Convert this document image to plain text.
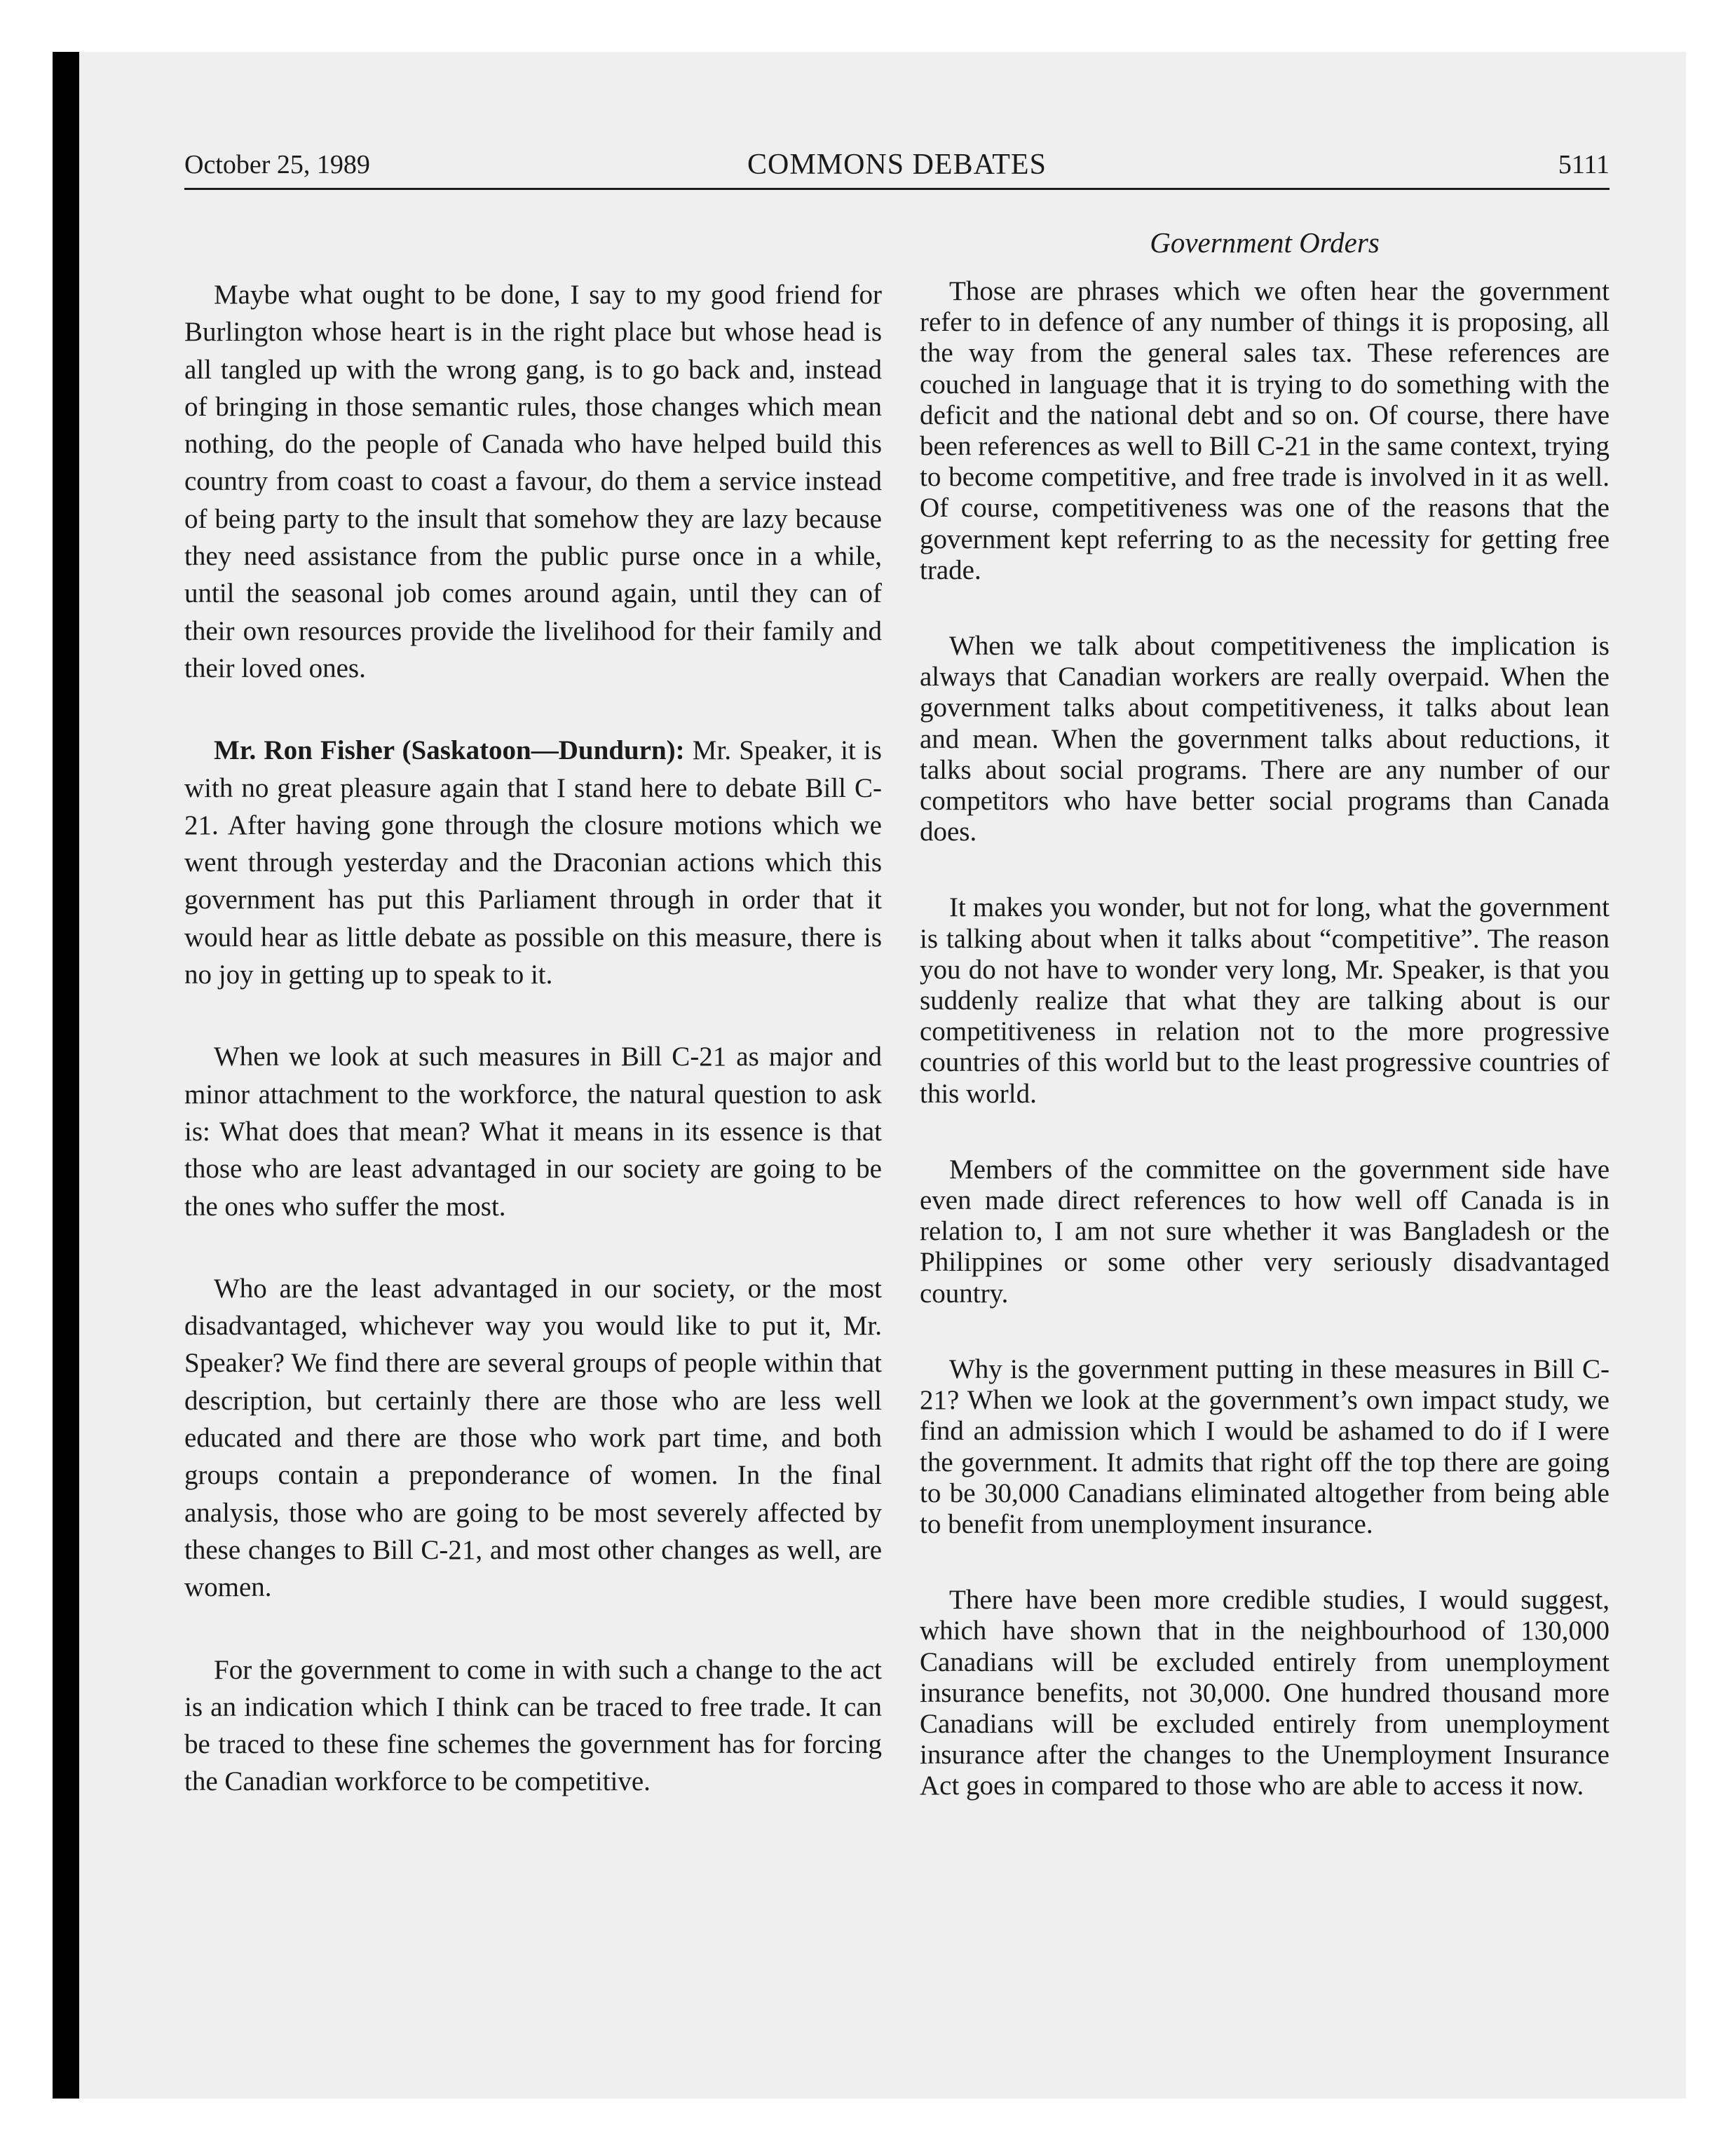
October 25, 1989	COMMONS DEBATES	5111
Government Orders

Maybe what ought to be done, I say to my good friend for Burlington whose heart is in the right place but whose head is all tangled up with the wrong gang, is to go back and, instead of bringing in those semantic rules, those changes which mean nothing, do the people of Canada who have helped build this country from coast to coast a favour, do them a service instead of being party to the insult that somehow they are lazy because they need assistance from the public purse once in a while, until the seasonal job comes around again, until they can of their own resources provide the livelihood for their family and their loved ones.

Mr. Ron Fisher (Saskatoon—Dundurn): Mr. Speaker, it is with no great pleasure again that I stand here to debate Bill C-21. After having gone through the closure motions which we went through yesterday and the Draconian actions which this government has put this Parliament through in order that it would hear as little debate as possible on this measure, there is no joy in getting up to speak to it.

When we look at such measures in Bill C-21 as major and minor attachment to the workforce, the natural question to ask is: What does that mean? What it means in its essence is that those who are least advantaged in our society are going to be the ones who suffer the most.

Who are the least advantaged in our society, or the most disadvantaged, whichever way you would like to put it, Mr. Speaker? We find there are several groups of people within that description, but certainly there are those who are less well educated and there are those who work part time, and both groups contain a preponderance of women. In the final analysis, those who are going to be most severely affected by these changes to Bill C-21, and most other changes as well, are women.

For the government to come in with such a change to the act is an indication which I think can be traced to free trade. It can be traced to these fine schemes the government has for forcing the Canadian workforce to be competitive.

Those are phrases which we often hear the government refer to in defence of any number of things it is proposing, all the way from the general sales tax. These references are couched in language that it is trying to do something with the deficit and the national debt and so on. Of course, there have been references as well to Bill C-21 in the same context, trying to become competitive, and free trade is involved in it as well. Of course, competitiveness was one of the reasons that the government kept referring to as the necessity for getting free trade.

When we talk about competitiveness the implication is always that Canadian workers are really overpaid. When the government talks about competitiveness, it talks about lean and mean. When the government talks about reductions, it talks about social programs. There are any number of our competitors who have better social programs than Canada does.

It makes you wonder, but not for long, what the government is talking about when it talks about “competitive”. The reason you do not have to wonder very long, Mr. Speaker, is that you suddenly realize that what they are talking about is our competitiveness in relation not to the more progressive countries of this world but to the least progressive countries of this world.

Members of the committee on the government side have even made direct references to how well off Canada is in relation to, I am not sure whether it was Bangladesh or the Philippines or some other very seriously disadvantaged country.

Why is the government putting in these measures in Bill C-21? When we look at the government’s own impact study, we find an admission which I would be ashamed to do if I were the government. It admits that right off the top there are going to be 30,000 Canadians eliminated altogether from being able to benefit from unemployment insurance.

There have been more credible studies, I would suggest, which have shown that in the neighbourhood of 130,000 Canadians will be excluded entirely from unemployment insurance benefits, not 30,000. One hundred thousand more Canadians will be excluded entirely from unemployment insurance after the changes to the Unemployment Insurance Act goes in compared to those who are able to access it now.
